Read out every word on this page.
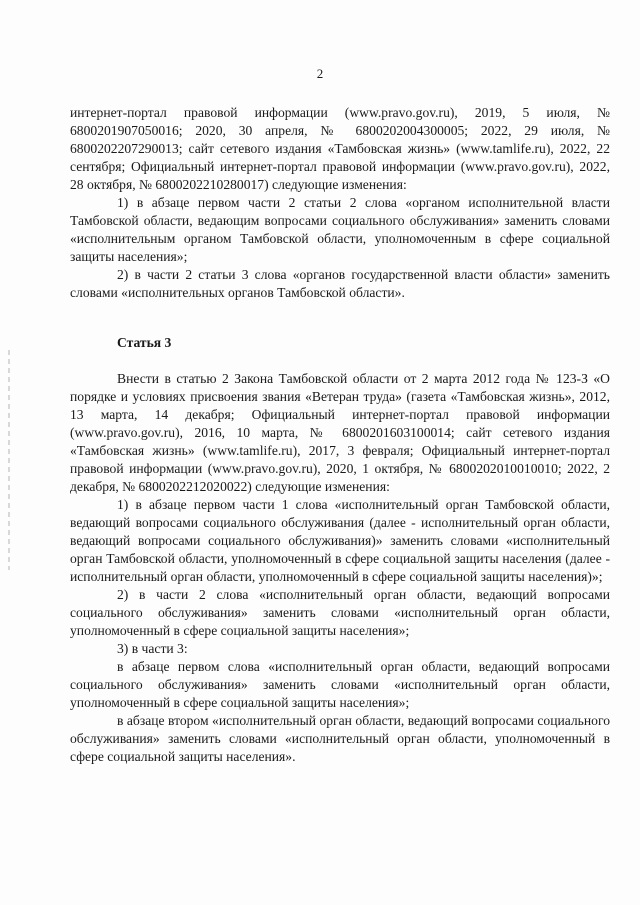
2

интернет-портал правовой информации (www.pravo.gov.ru), 2019, 5 июля, № 6800201907050016; 2020, 30 апреля, № 6800202004300005; 2022, 29 июля, № 6800202207290013; сайт сетевого издания «Тамбовская жизнь» (www.tamlife.ru), 2022, 22 сентября; Официальный интернет-портал правовой информации (www.pravo.gov.ru), 2022, 28 октября, № 6800202210280017) следующие изменения:

1) в абзаце первом части 2 статьи 2 слова «органом исполнительной власти Тамбовской области, ведающим вопросами социального обслуживания» заменить словами «исполнительным органом Тамбовской области, уполномоченным в сфере социальной защиты населения»;

2) в части 2 статьи 3 слова «органов государственной власти области» заменить словами «исполнительных органов Тамбовской области».

Статья 3

Внести в статью 2 Закона Тамбовской области от 2 марта 2012 года № 123-З «О порядке и условиях присвоения звания «Ветеран труда» (газета «Тамбовская жизнь», 2012, 13 марта, 14 декабря; Официальный интернет-портал правовой информации (www.pravo.gov.ru), 2016, 10 марта, № 6800201603100014; сайт сетевого издания «Тамбовская жизнь» (www.tamlife.ru), 2017, 3 февраля; Официальный интернет-портал правовой информации (www.pravo.gov.ru), 2020, 1 октября, № 6800202010010010; 2022, 2 декабря, № 6800202212020022) следующие изменения:

1) в абзаце первом части 1 слова «исполнительный орган Тамбовской области, ведающий вопросами социального обслуживания (далее - исполнительный орган области, ведающий вопросами социального обслуживания)» заменить словами «исполнительный орган Тамбовской области, уполномоченный в сфере социальной защиты населения (далее - исполнительный орган области, уполномоченный в сфере социальной защиты населения)»;

2) в части 2 слова «исполнительный орган области, ведающий вопросами социального обслуживания» заменить словами «исполнительный орган области, уполномоченный в сфере социальной защиты населения»;

3) в части 3:

в абзаце первом слова «исполнительный орган области, ведающий вопросами социального обслуживания» заменить словами «исполнительный орган области, уполномоченный в сфере социальной защиты населения»;

в абзаце втором «исполнительный орган области, ведающий вопросами социального обслуживания» заменить словами «исполнительный орган области, уполномоченный в сфере социальной защиты населения».
